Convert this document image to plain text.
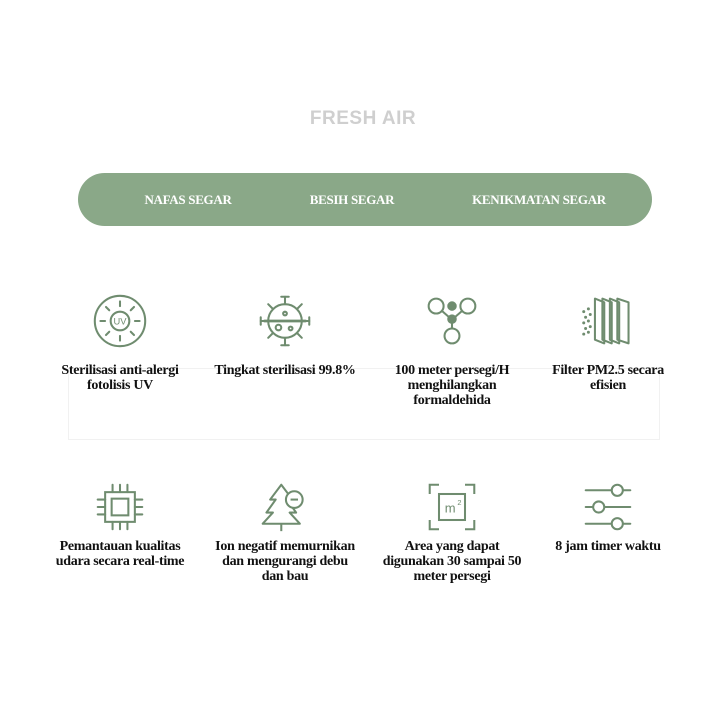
FRESH AIR
NAFAS SEGAR	BESIH SEGAR	KENIKMATAN SEGAR
UV
Sterilisasi anti-alergi fotolisis UV
Tingkat sterilisasi 99.8%	100 meter persegi/H menghilangkan formaldehida
Filter PM2.5 secara efisien
Pemantauan kualitas udara secara real-time
Ion negatif memurnikan dan mengurangi debu dan bau
m 2
Area yang dapat digunakan 30 sampai 50 meter persegi
8 jam timer waktu
